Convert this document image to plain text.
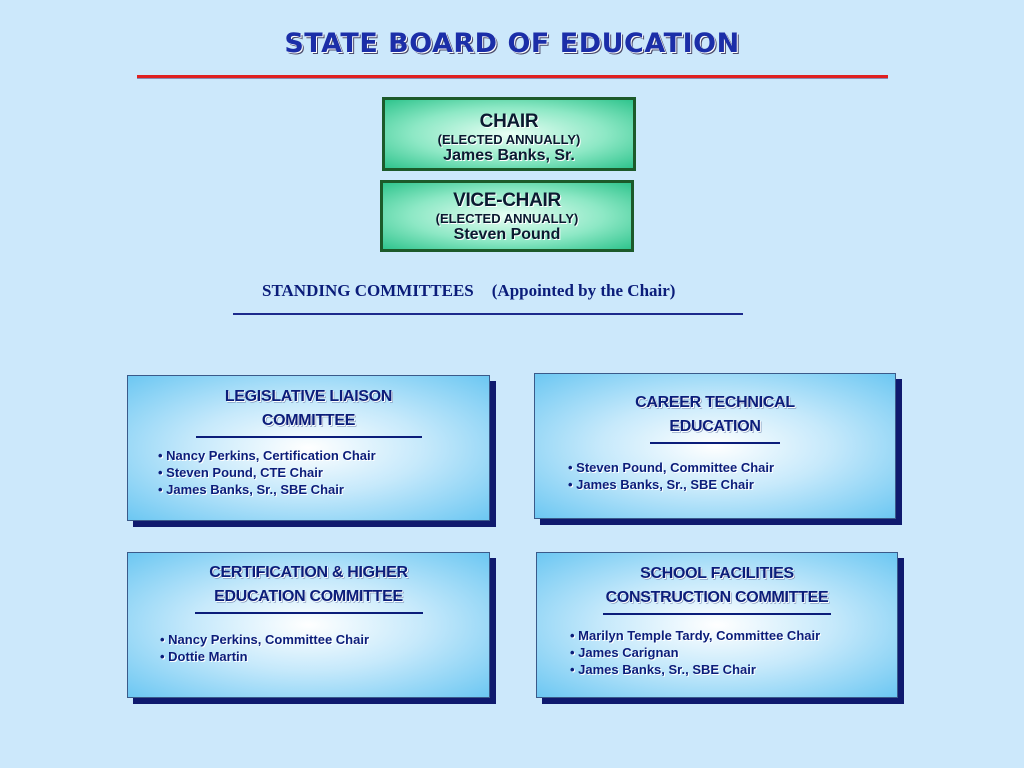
STATE BOARD OF EDUCATION
CHAIR
(ELECTED ANNUALLY)
James Banks, Sr.
VICE-CHAIR
(ELECTED ANNUALLY)
Steven Pound
STANDING COMMITTEES (Appointed by the Chair)
LEGISLATIVE LIAISON
COMMITTEE
• Nancy Perkins, Certification Chair
• Steven Pound, CTE Chair
• James Banks, Sr., SBE Chair
CAREER TECHNICAL
EDUCATION
• Steven Pound, Committee Chair
• James Banks, Sr., SBE Chair
CERTIFICATION & HIGHER
EDUCATION COMMITTEE
• Nancy Perkins, Committee Chair
• Dottie Martin
SCHOOL FACILITIES
CONSTRUCTION COMMITTEE
• Marilyn Temple Tardy, Committee Chair
• James Carignan
• James Banks, Sr., SBE Chair
